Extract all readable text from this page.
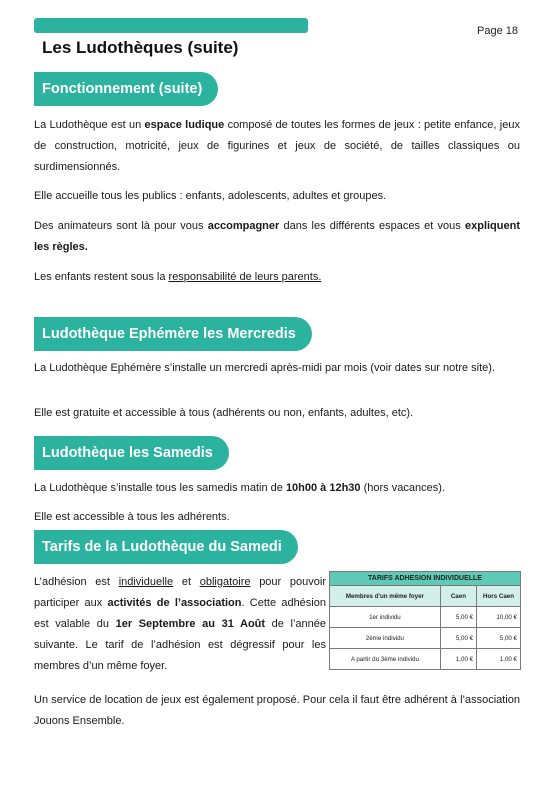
Page 18
Les Ludothèques (suite)
Fonctionnement (suite)

La Ludothèque est un espace ludique composé de toutes les formes de jeux : petite enfance, jeux de construction, motricité, jeux de figurines et jeux de société, de tailles classiques ou surdimensionnés.

Elle accueille tous les publics : enfants, adolescents, adultes et groupes.

Des animateurs sont là pour vous accompagner dans les différents espaces et vous expliquent les règles.

Les enfants restent sous la responsabilité de leurs parents.

Ludothèque Ephémère les Mercredis

La Ludothèque Ephémère s’installe un mercredi après-midi par mois (voir dates sur notre site).

Elle est gratuite et accessible à tous (adhérents ou non, enfants, adultes, etc).

Ludothèque les Samedis

La Ludothèque s’installe tous les samedis matin de 10h00 à 12h30 (hors vacances).

Elle est accessible à tous les adhérents.

Tarifs de la Ludothèque du Samedi

L’adhésion est individuelle et obligatoire pour pouvoir participer aux activités de l’association. Cette adhésion est valable du 1er Septembre au 31 Août de l’année suivante. Le tarif de l’adhésion est dégressif pour les membres d’un même foyer.

Un service de location de jeux est également proposé. Pour cela il faut être adhérent à l’association Jouons Ensemble.

TARIFS ADHESION INDIVIDUELLE		
Membres d'un même foyer	Caen	Hors Caen
1er individu	5,00 €	10,00 €
2ème individu	5,00 €	5,00 €
A partir du 3ème individu	1,00 €	1,00 €
